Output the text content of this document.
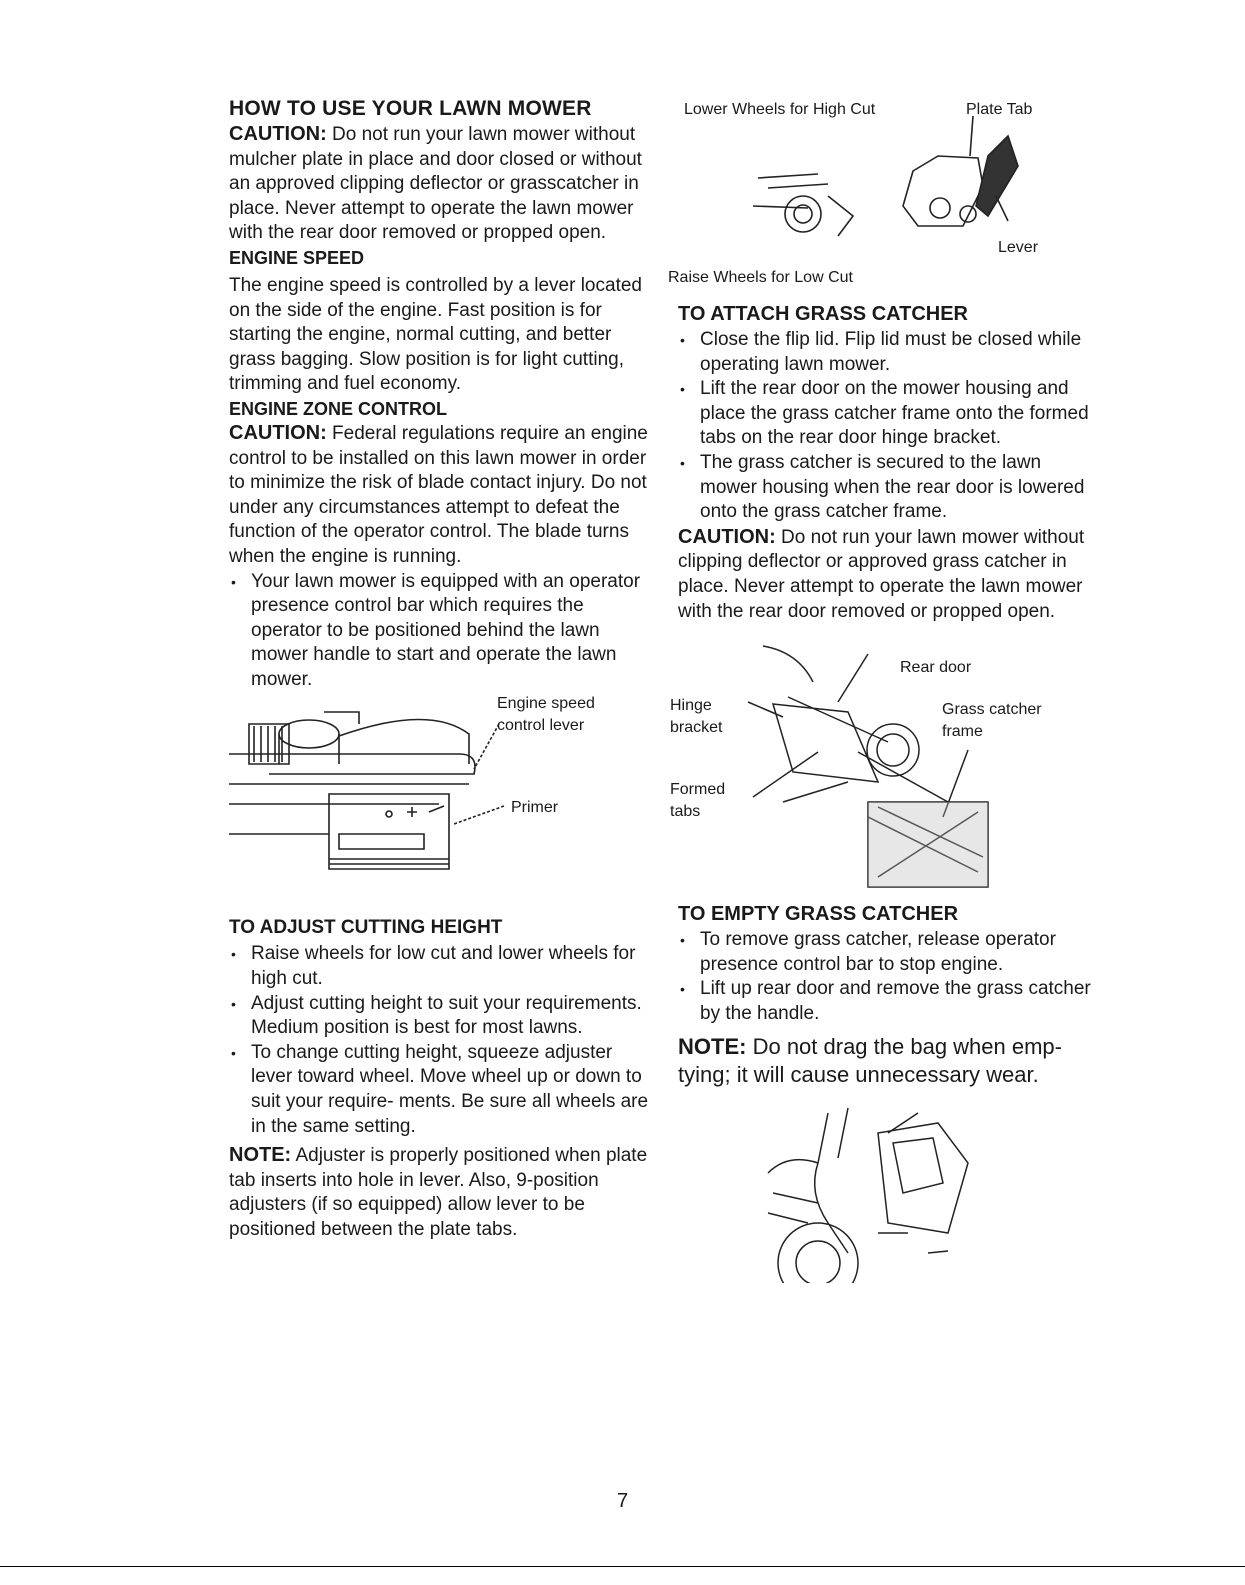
HOW TO USE YOUR LAWN MOWER

CAUTION: Do not run your lawn mower without mulcher plate in place and door closed or without an approved clipping deflector or grasscatcher in place. Never attempt to operate the lawn mower with the rear door removed or propped open.

ENGINE SPEED

The engine speed is controlled by a lever located on the side of the engine. Fast position is for starting the engine, normal cutting, and better grass bagging. Slow position is for light cutting, trimming and fuel economy.

ENGINE ZONE CONTROL

CAUTION: Federal regulations require an engine control to be installed on this lawn mower in order to minimize the risk of blade contact injury. Do not under any circumstances attempt to defeat the function of the operator control. The blade turns when the engine is running.

• Your lawn mower is equipped with an operator presence control bar which requires the operator to be positioned behind the lawn mower handle to start and operate the lawn mower.
Engine speed
control lever
Primer
TO ADJUST CUTTING HEIGHT
• Raise wheels for low cut and lower wheels for high cut.
• Adjust cutting height to suit your requirements. Medium position is best for most lawns.
• To change cutting height, squeeze adjuster lever toward wheel. Move wheel up or down to suit your require- ments. Be sure all wheels are in the same setting.

NOTE: Adjuster is properly positioned when plate tab inserts into hole in lever. Also, 9-position adjusters (if so equipped) allow lever to be positioned between the plate tabs.

Lower Wheels for High Cut	Plate Tab
Lever
Raise Wheels for Low Cut
TO ATTACH GRASS CATCHER
• Close the flip lid. Flip lid must be closed while operating lawn mower.
• Lift the rear door on the mower housing and place the grass catcher frame onto the formed tabs on the rear door hinge bracket.
• The grass catcher is secured to the lawn mower housing when the rear door is lowered onto the grass catcher frame.

CAUTION: Do not run your lawn mower without clipping deflector or approved grass catcher in place. Never attempt to operate the lawn mower with the rear door removed or propped open.

Rear door
Hinge
bracket
Grass catcher
frame
Formed
tabs
TO EMPTY GRASS CATCHER
• To remove grass catcher, release operator presence control bar to stop engine.
• Lift up rear door and remove the grass catcher by the handle.

NOTE: Do not drag the bag when emp- tying; it will cause unnecessary wear.

7
